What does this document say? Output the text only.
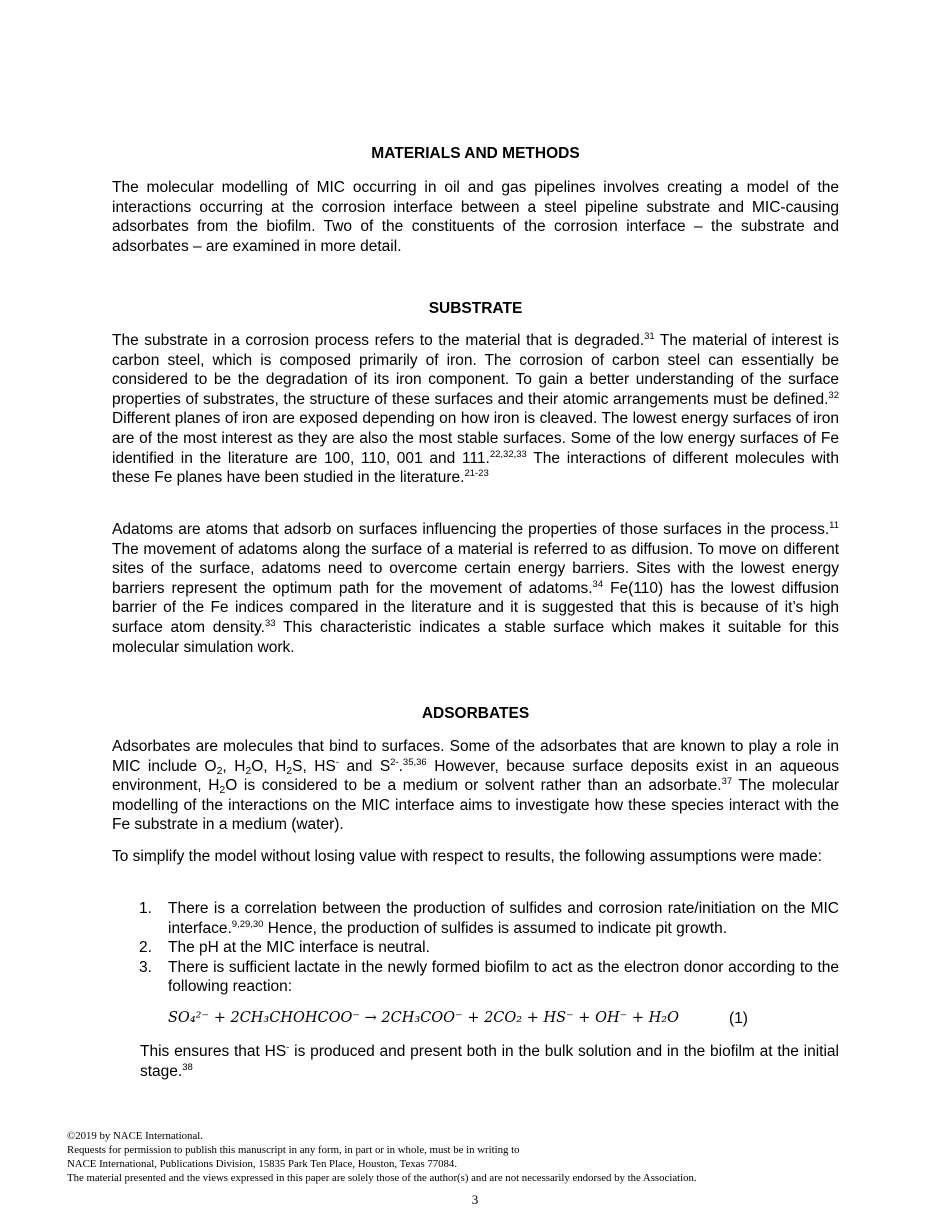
MATERIALS AND METHODS

The molecular modelling of MIC occurring in oil and gas pipelines involves creating a model of the interactions occurring at the corrosion interface between a steel pipeline substrate and MIC-causing adsorbates from the biofilm. Two of the constituents of the corrosion interface – the substrate and adsorbates – are examined in more detail.

SUBSTRATE

The substrate in a corrosion process refers to the material that is degraded.$^{31}$ The material of interest is carbon steel, which is composed primarily of iron. The corrosion of carbon steel can essentially be considered to be the degradation of its iron component. To gain a better understanding of the surface properties of substrates, the structure of these surfaces and their atomic arrangements must be defined.$^{32}$ Different planes of iron are exposed depending on how iron is cleaved. The lowest energy surfaces of iron are of the most interest as they are also the most stable surfaces. Some of the low energy surfaces of Fe identified in the literature are 100, 110, 001 and 111.$^{22,32,33}$ The interactions of different molecules with these Fe planes have been studied in the literature.$^{21-23}$

Adatoms are atoms that adsorb on surfaces influencing the properties of those surfaces in the process.$^{11}$ The movement of adatoms along the surface of a material is referred to as diffusion. To move on different sites of the surface, adatoms need to overcome certain energy barriers. Sites with the lowest energy barriers represent the optimum path for the movement of adatoms.$^{34}$ Fe(110) has the lowest diffusion barrier of the Fe indices compared in the literature and it is suggested that this is because of it’s high surface atom density.$^{33}$ This characteristic indicates a stable surface which makes it suitable for this molecular simulation work.

ADSORBATES

Adsorbates are molecules that bind to surfaces. Some of the adsorbates that are known to play a role in MIC include $O_2$, $H_2O$, $H_2S$, HS- and $S^{2-}.^{35,36}$ However, because surface deposits exist in an aqueous environment, $H_2O$ is considered to be a medium or solvent rather than an adsorbate.$^{37}$ The molecular modelling of the interactions on the MIC interface aims to investigate how these species interact with the Fe substrate in a medium (water).

To simplify the model without losing value with respect to results, the following assumptions were made:

1. There is a correlation between the production of sulfides and corrosion rate/initiation on the MIC interface.$^{9,29,30}$ Hence, the production of sulfides is assumed to indicate pit growth.
2. The pH at the MIC interface is neutral.
3. There is sufficient lactate in the newly formed biofilm to act as the electron donor according to the following reaction:
SO₄²⁻ + 2CH₃CHOHCOO⁻ → 2CH₃COO⁻ + 2CO₂ + HS⁻ + OH⁻ + H₂O	(1)

This ensures that HS- is produced and present both in the bulk solution and in the biofilm at the initial stage.$^{38}$

©2019 by NACE International.
Requests for permission to publish this manuscript in any form, in part or in whole, must be in writing to
NACE International, Publications Division, 15835 Park Ten Place, Houston, Texas 77084.
The material presented and the views expressed in this paper are solely those of the author(s) and are not necessarily endorsed by the Association.
3
